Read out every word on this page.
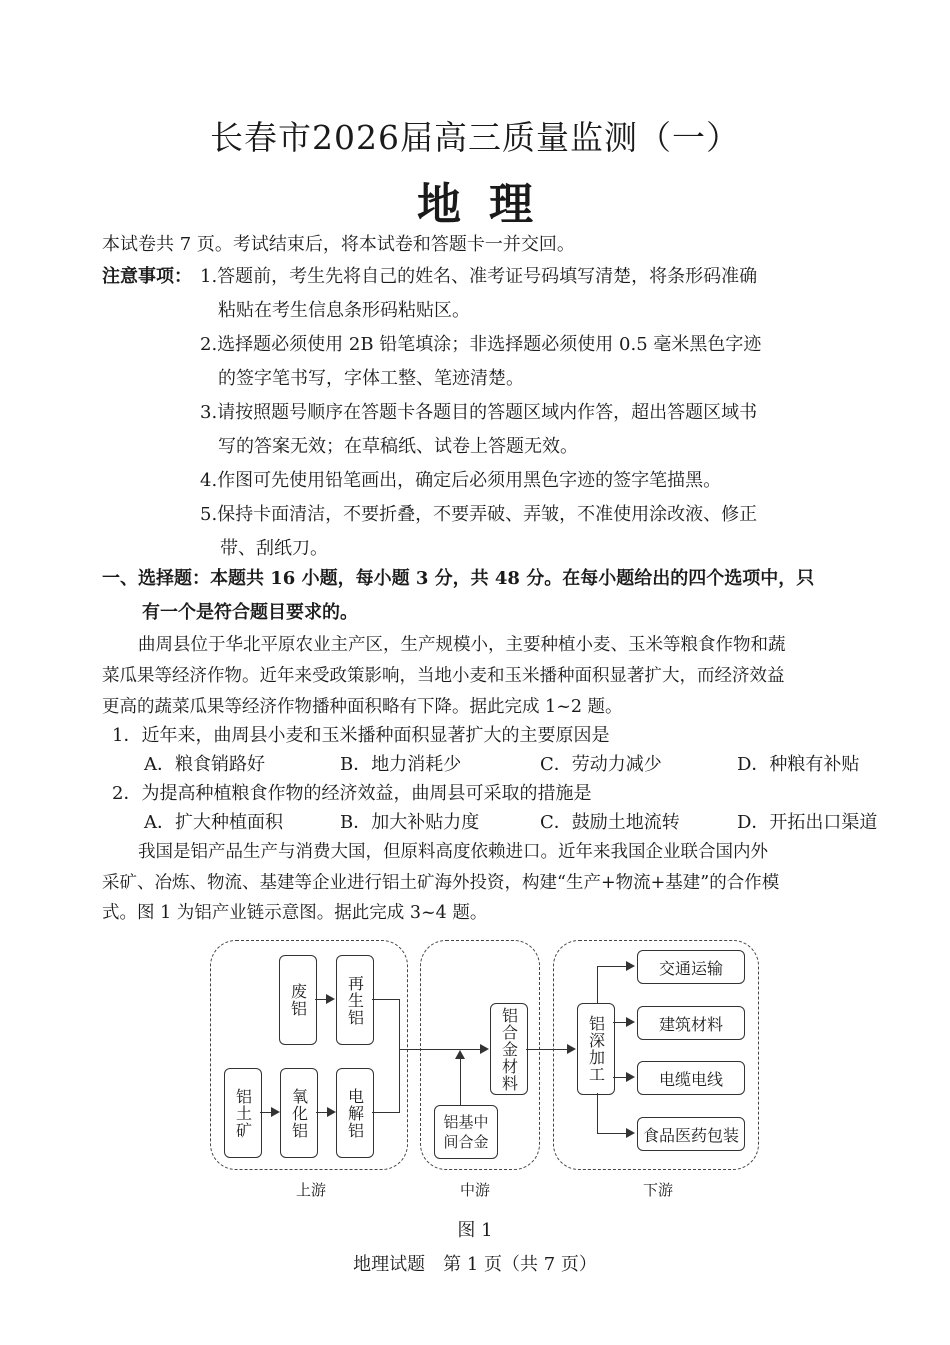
长春市2026届高三质量监测（一）
地理
本试卷共 7 页。考试结束后，将本试卷和答题卡一并交回。
注意事项： 1.答题前，考生先将自己的姓名、准考证号码填写清楚，将条形码准确
粘贴在考生信息条形码粘贴区。
2.选择题必须使用 2B 铅笔填涂；非选择题必须使用 0.5 毫米黑色字迹
的签字笔书写，字体工整、笔迹清楚。
3.请按照题号顺序在答题卡各题目的答题区域内作答，超出答题区域书
写的答案无效；在草稿纸、试卷上答题无效。
4.作图可先使用铅笔画出，确定后必须用黑色字迹的签字笔描黑。
5.保持卡面清洁，不要折叠，不要弄破、弄皱，不准使用涂改液、修正
带、刮纸刀。
一、选择题：本题共 16 小题，每小题 3 分，共 48 分。在每小题给出的四个选项中，只
有一个是符合题目要求的。
曲周县位于华北平原农业主产区，生产规模小，主要种植小麦、玉米等粮食作物和蔬
菜瓜果等经济作物。近年来受政策影响，当地小麦和玉米播种面积显著扩大，而经济效益
更高的蔬菜瓜果等经济作物播种面积略有下降。据此完成 1~2 题。
1．近年来，曲周县小麦和玉米播种面积显著扩大的主要原因是
A．粮食销路好	B．地力消耗少	C．劳动力减少	D．种粮有补贴
2．为提高种植粮食作物的经济效益，曲周县可采取的措施是
A．扩大种植面积	B．加大补贴力度	C．鼓励土地流转	D．开拓出口渠道
我国是铝产品生产与消费大国，但原料高度依赖进口。近年来我国企业联合国内外
采矿、冶炼、物流、基建等企业进行铝土矿海外投资，构建“生产+物流+基建”的合作模
式。图 1 为铝产业链示意图。据此完成 3~4 题。
废铝 再生铝
铝土矿 氧化铝 电解铝
铝合金材料
铝基中间合金
铝深加工
交通运输
建筑材料
电缆电线
食品医药包装
上游	中游	下游
图 1
地理试题　第 1 页（共 7 页）
